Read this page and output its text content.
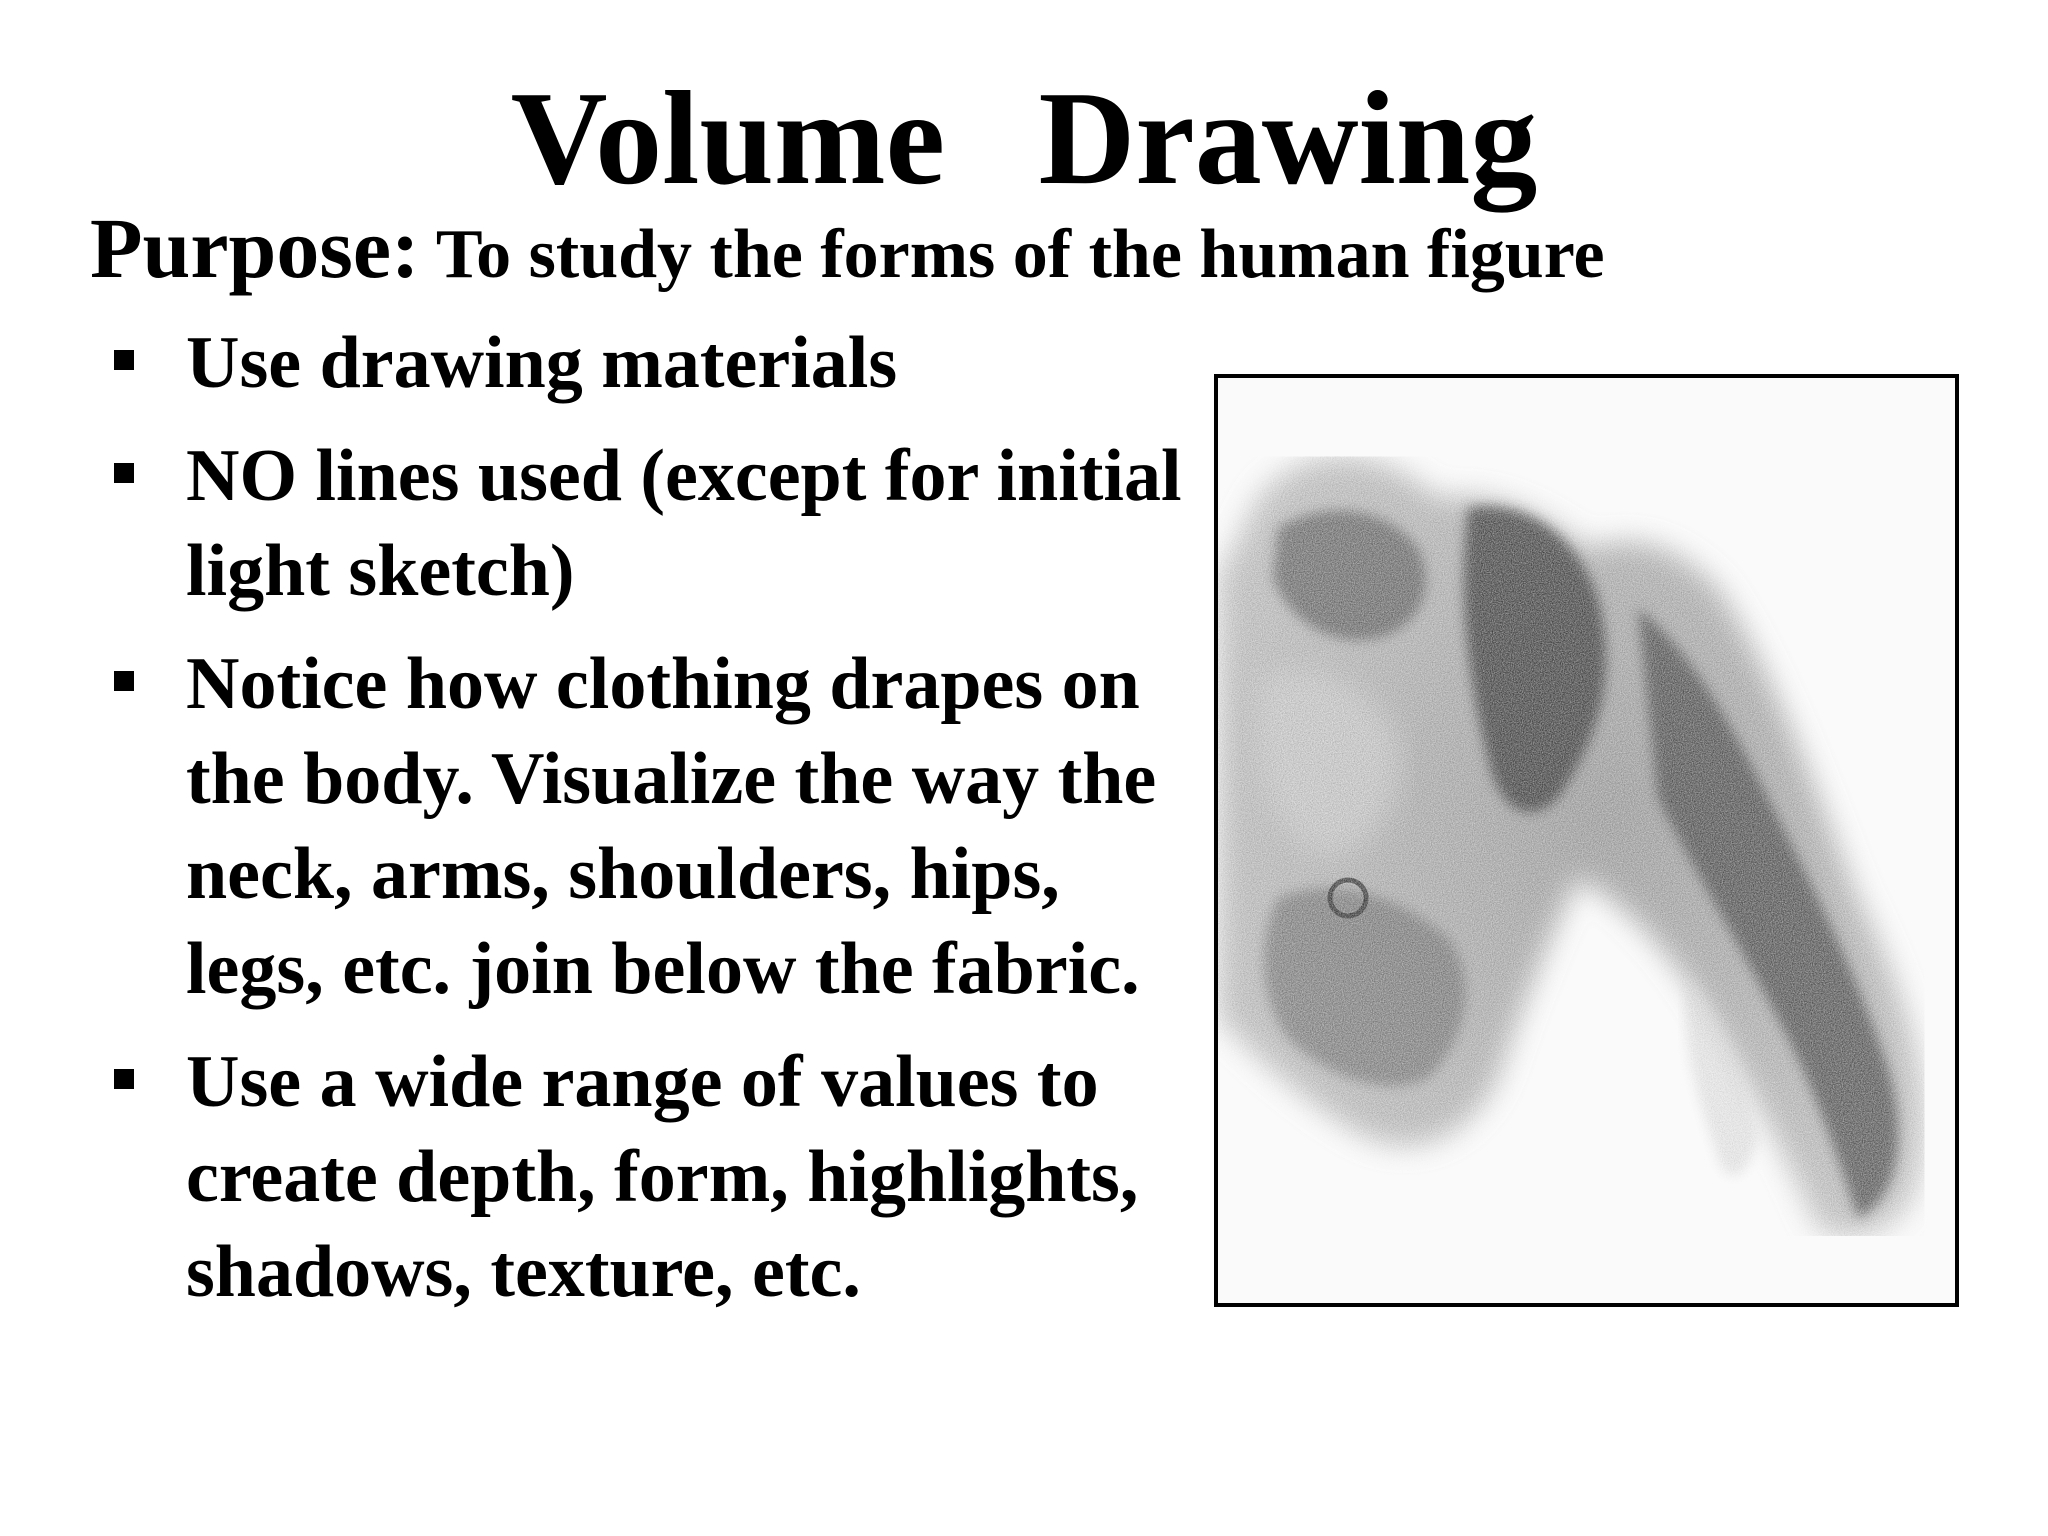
Volume Drawing

Purpose: To study the forms of the human figure

Use drawing materials
NO lines used (except for initial light sketch)
Notice how clothing drapes on the body. Visualize the way the neck, arms, shoulders, hips, legs, etc. join below the fabric.
Use a wide range of values to create depth, form, highlights, shadows, texture, etc.
